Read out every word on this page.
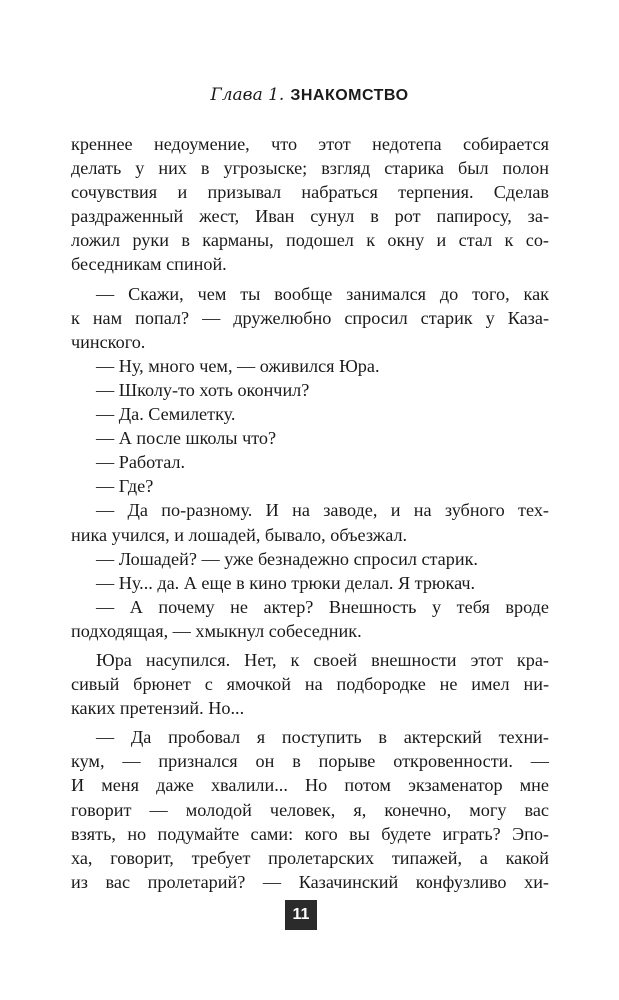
Глава 1. ЗНАКОМСТВО
креннее недоумение, что этот недотепа собирается
делать у них в угрозыске; взгляд старика был полон
сочувствия и призывал набраться терпения. Сделав
раздраженный жест, Иван сунул в рот папиросу, за-
ложил руки в карманы, подошел к окну и стал к со-
беседникам спиной.
— Скажи, чем ты вообще занимался до того, как
к нам попал? — дружелюбно спросил старик у Каза-
чинского.
— Ну, много чем, — оживился Юра.
— Школу-то хоть окончил?
— Да. Семилетку.
— А после школы что?
— Работал.
— Где?
— Да по-разному. И на заводе, и на зубного тех-
ника учился, и лошадей, бывало, объезжал.
— Лошадей? — уже безнадежно спросил старик.
— Ну... да. А еще в кино трюки делал. Я трюкач.
— А почему не актер? Внешность у тебя вроде
подходящая, — хмыкнул собеседник.
Юра насупился. Нет, к своей внешности этот кра-
сивый брюнет с ямочкой на подбородке не имел ни-
каких претензий. Но...
— Да пробовал я поступить в актерский техни-
кум, — признался он в порыве откровенности. —
И меня даже хвалили... Но потом экзаменатор мне
говорит — молодой человек, я, конечно, могу вас
взять, но подумайте сами: кого вы будете играть? Эпо-
ха, говорит, требует пролетарских типажей, а какой
из вас пролетарий? — Казачинский конфузливо хи-
11
